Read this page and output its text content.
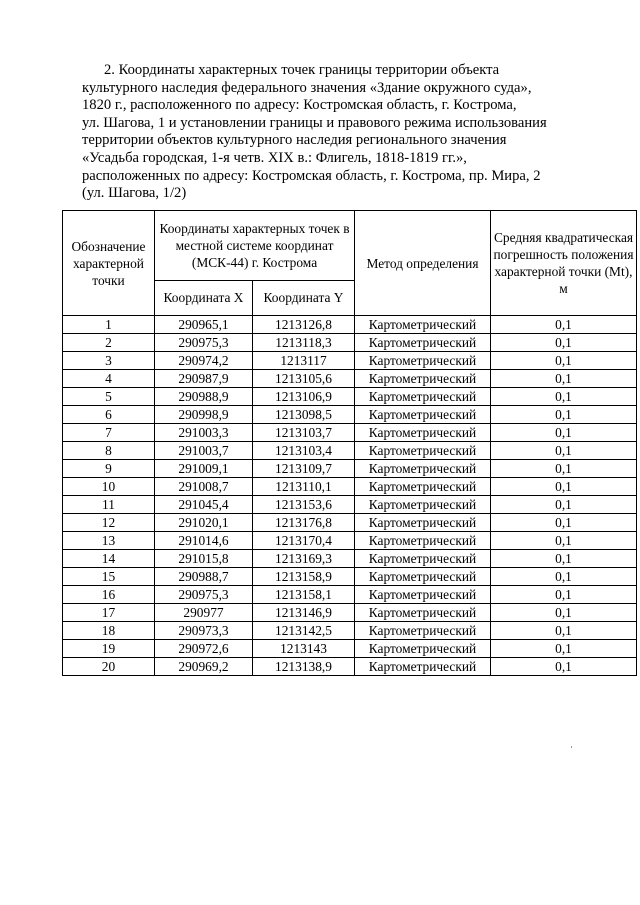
2. Координаты характерных точек границы территории объекта
культурного наследия федерального значения «Здание окружного суда»,
1820 г., расположенного по адресу: Костромская область, г. Кострома,
ул. Шагова, 1 и установлении границы и правового режима использования
территории объектов культурного наследия регионального значения
«Усадьба городская, 1-я четв. XIX в.: Флигель, 1818-1819 гг.»,
расположенных по адресу: Костромская область, г. Кострома, пр. Мира, 2
(ул. Шагова, 1/2)
Обозначение характерной точки	Координаты характерных точек в местной системе координат (МСК-44) г. Кострома		Метод определения	Средняя квадратическая погрешность положения характерной точки (Mt), м
	Координата X	Координата Y		
1	290965,1	1213126,8	Картометрический	0,1
2	290975,3	1213118,3	Картометрический	0,1
3	290974,2	1213117	Картометрический	0,1
4	290987,9	1213105,6	Картометрический	0,1
5	290988,9	1213106,9	Картометрический	0,1
6	290998,9	1213098,5	Картометрический	0,1
7	291003,3	1213103,7	Картометрический	0,1
8	291003,7	1213103,4	Картометрический	0,1
9	291009,1	1213109,7	Картометрический	0,1
10	291008,7	1213110,1	Картометрический	0,1
11	291045,4	1213153,6	Картометрический	0,1
12	291020,1	1213176,8	Картометрический	0,1
13	291014,6	1213170,4	Картометрический	0,1
14	291015,8	1213169,3	Картометрический	0,1
15	290988,7	1213158,9	Картометрический	0,1
16	290975,3	1213158,1	Картометрический	0,1
17	290977	1213146,9	Картометрический	0,1
18	290973,3	1213142,5	Картометрический	0,1
19	290972,6	1213143	Картометрический	0,1
20	290969,2	1213138,9	Картометрический	0,1
